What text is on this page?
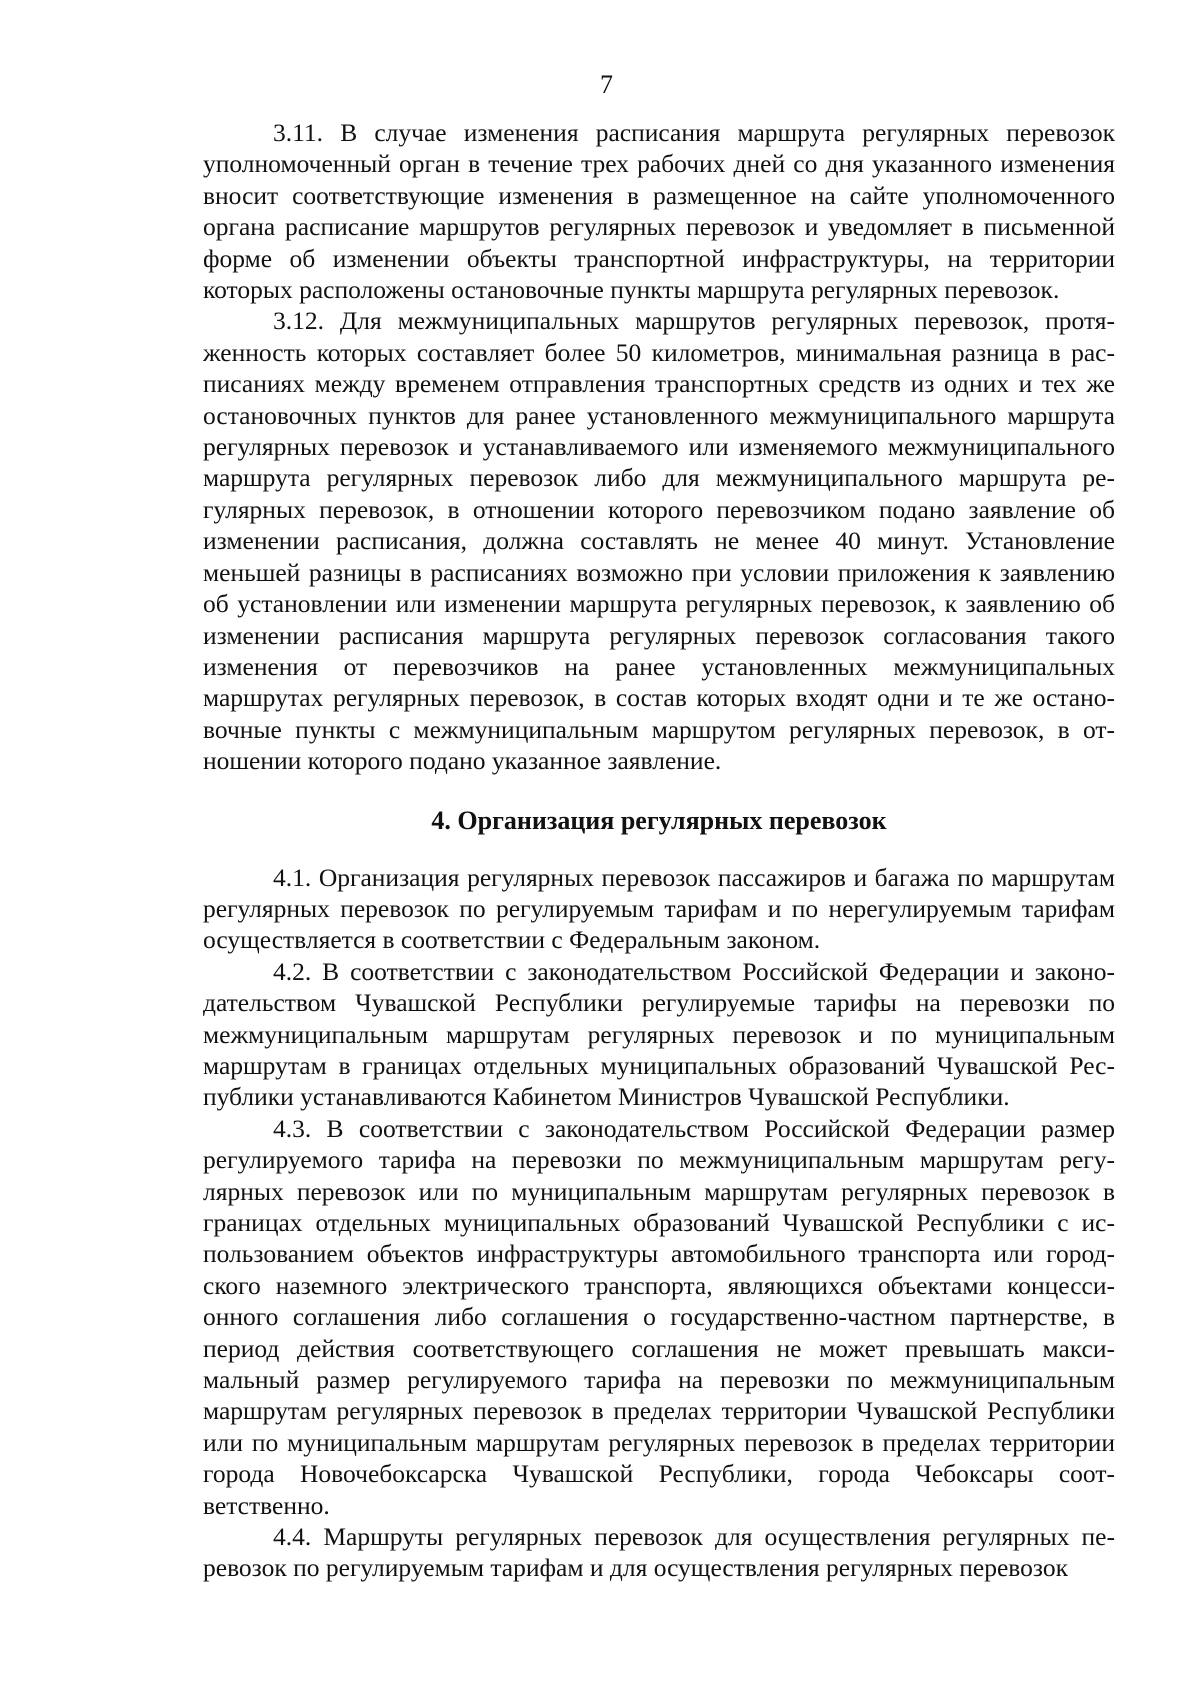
7

3.11. В случае изменения расписания маршрута регулярных перевозок уполномоченный орган в течение трех рабочих дней со дня указанного изменения вносит соответствующие изменения в размещенное на сайте уполномоченного органа расписание маршрутов регулярных перевозок и уведомляет в письменной форме об изменении объекты транспортной инфраструктуры, на территории которых расположены остановочные пункты маршрута регулярных перевозок.

3.12. Для межмуниципальных маршрутов регулярных перевозок, протяженность которых составляет более 50 километров, минимальная разница в расписаниях между временем отправления транспортных средств из одних и тех же остановочных пунктов для ранее установленного межмуниципального маршрута регулярных перевозок и устанавливаемого или изменяемого межмуниципального маршрута регулярных перевозок либо для межмуниципального маршрута регулярных перевозок, в отношении которого перевозчиком подано заявление об изменении расписания, должна составлять не менее 40 минут. Установление меньшей разницы в расписаниях возможно при условии приложения к заявлению об установлении или изменении маршрута регулярных перевозок, к заявлению об изменении расписания маршрута регулярных перевозок согласования такого изменения от перевозчиков на ранее установленных межмуниципальных маршрутах регулярных перевозок, в состав которых входят одни и те же остановочные пункты с межмуниципальным маршрутом регулярных перевозок, в отношении которого подано указанное заявление.

4. Организация регулярных перевозок

4.1. Организация регулярных перевозок пассажиров и багажа по маршрутам регулярных перевозок по регулируемым тарифам и по нерегулируемым тарифам осуществляется в соответствии с Федеральным законом.

4.2. В соответствии с законодательством Российской Федерации и законодательством Чувашской Республики регулируемые тарифы на перевозки по межмуниципальным маршрутам регулярных перевозок и по муниципальным маршрутам в границах отдельных муниципальных образований Чувашской Республики устанавливаются Кабинетом Министров Чувашской Республики.

4.3. В соответствии с законодательством Российской Федерации размер регулируемого тарифа на перевозки по межмуниципальным маршрутам регулярных перевозок или по муниципальным маршрутам регулярных перевозок в границах отдельных муниципальных образований Чувашской Республики с использованием объектов инфраструктуры автомобильного транспорта или городского наземного электрического транспорта, являющихся объектами концессионного соглашения либо соглашения о государственно-частном партнерстве, в период действия соответствующего соглашения не может превышать максимальный размер регулируемого тарифа на перевозки по межмуниципальным маршрутам регулярных перевозок в пределах территории Чувашской Республики или по муниципальным маршрутам регулярных перевозок в пределах территории города Новочебоксарска Чувашской Республики, города Чебоксары соответственно.

4.4. Маршруты регулярных перевозок для осуществления регулярных перевозок по регулируемым тарифам и для осуществления регулярных перевозок
